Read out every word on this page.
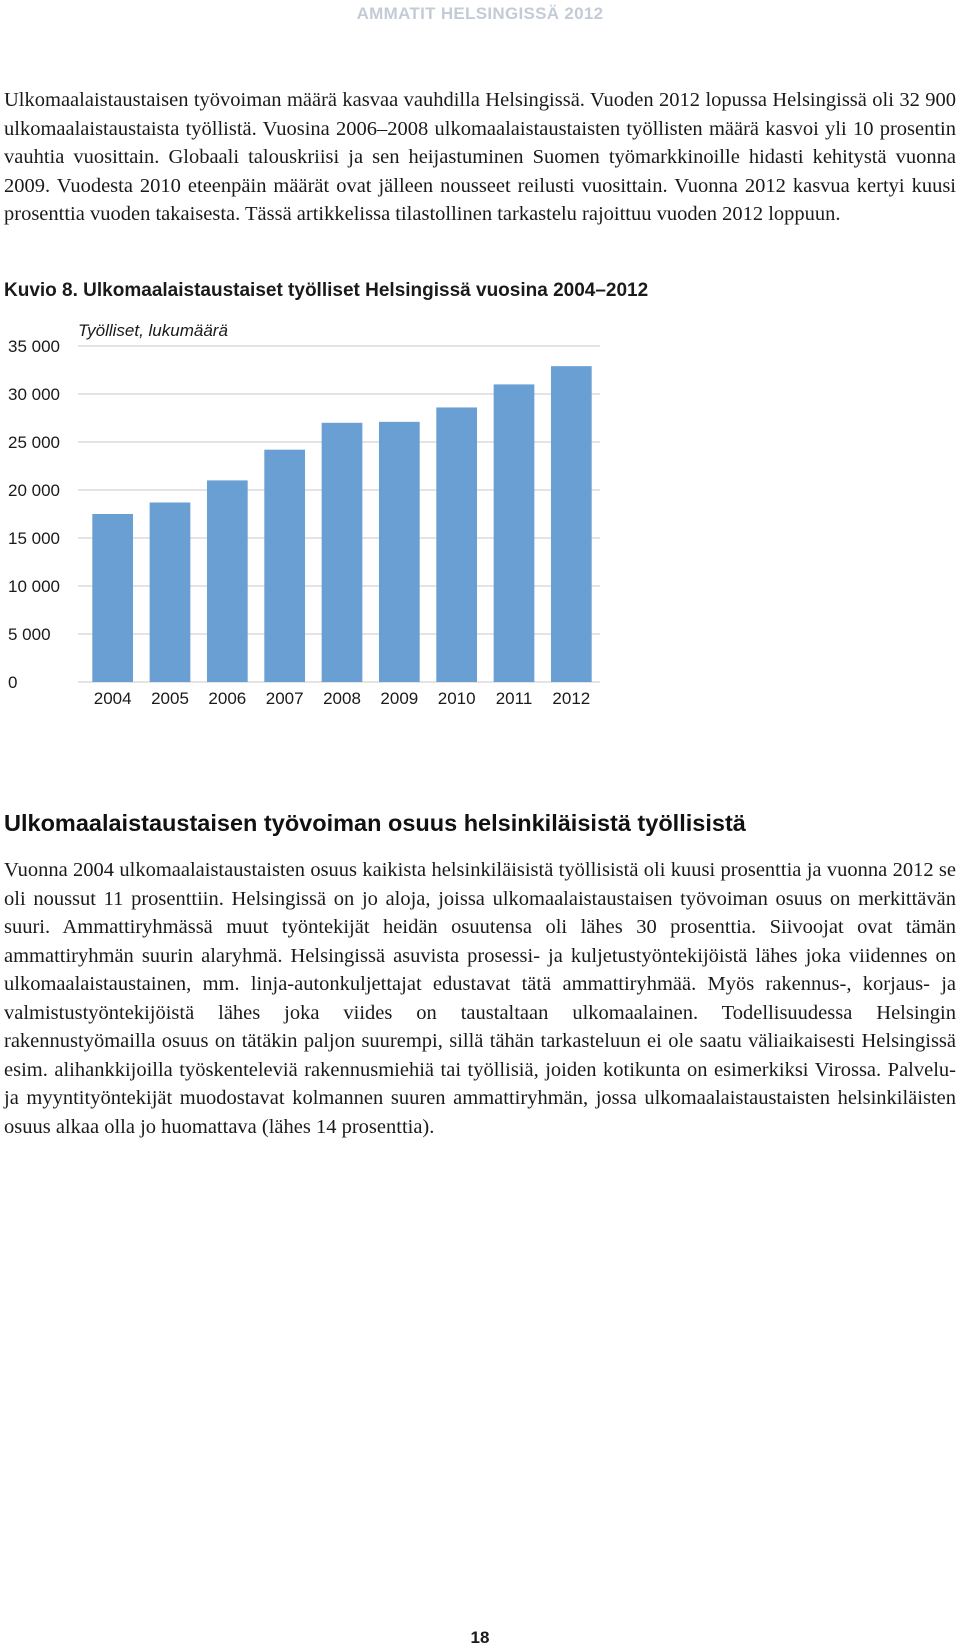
AMMATIT HELSINGISSÄ 2012

Ulkomaalaistaustaisen työvoiman määrä kasvaa vauhdilla Helsingissä. Vuoden 2012 lopussa Helsingissä oli 32 900 ulkomaalaistaustaista työllistä. Vuosina 2006–2008 ulkomaalaistaustaisten työllisten määrä kasvoi yli 10 prosentin vauhtia vuosittain. Globaali talouskriisi ja sen heijastuminen Suomen työmarkkinoille hidasti kehitystä vuonna 2009. Vuodesta 2010 eteenpäin määrät ovat jälleen nousseet reilusti vuosittain. Vuonna 2012 kasvua kertyi kuusi prosenttia vuoden takaisesta. Tässä artikkelissa tilastollinen tarkastelu rajoittuu vuoden 2012 loppuun.

Kuvio 8. Ulkomaalaistaustaiset työlliset Helsingissä vuosina 2004–2012

0
5 000
10 000
15 000
20 000
25 000
30 000
35 000
2004 2005 2006 2007 2008 2009 2010 2011 2012
Työlliset, lukumäärä
Ulkomaalaistaustaisen työvoiman osuus helsinkiläisistä työllisistä

Vuonna 2004 ulkomaalaistaustaisten osuus kaikista helsinkiläisistä työllisistä oli kuusi prosenttia ja vuonna 2012 se oli noussut 11 prosenttiin. Helsingissä on jo aloja, joissa ulkomaalaistaustaisen työvoiman osuus on merkittävän suuri. Ammattiryhmässä muut työntekijät heidän osuutensa oli lähes 30 prosenttia. Siivoojat ovat tämän ammattiryhmän suurin alaryhmä. Helsingissä asuvista prosessi- ja kuljetustyöntekijöistä lähes joka viidennes on ulkomaalaistaustainen, mm. linja-autonkuljettajat edustavat tätä ammattiryhmää. Myös rakennus-, korjaus- ja valmistustyöntekijöistä lähes joka viides on taustaltaan ulkomaalainen. Todellisuudessa Helsingin rakennustyömailla osuus on tätäkin paljon suurempi, sillä tähän tarkasteluun ei ole saatu väliaikaisesti Helsingissä esim. alihankkijoilla työskenteleviä rakennusmiehiä tai työllisiä, joiden kotikunta on esimerkiksi Virossa. Palvelu- ja myyntityöntekijät muodostavat kolmannen suuren ammattiryhmän, jossa ulkomaalaistaustaisten helsinkiläisten osuus alkaa olla jo huomattava (lähes 14 prosenttia).

18
